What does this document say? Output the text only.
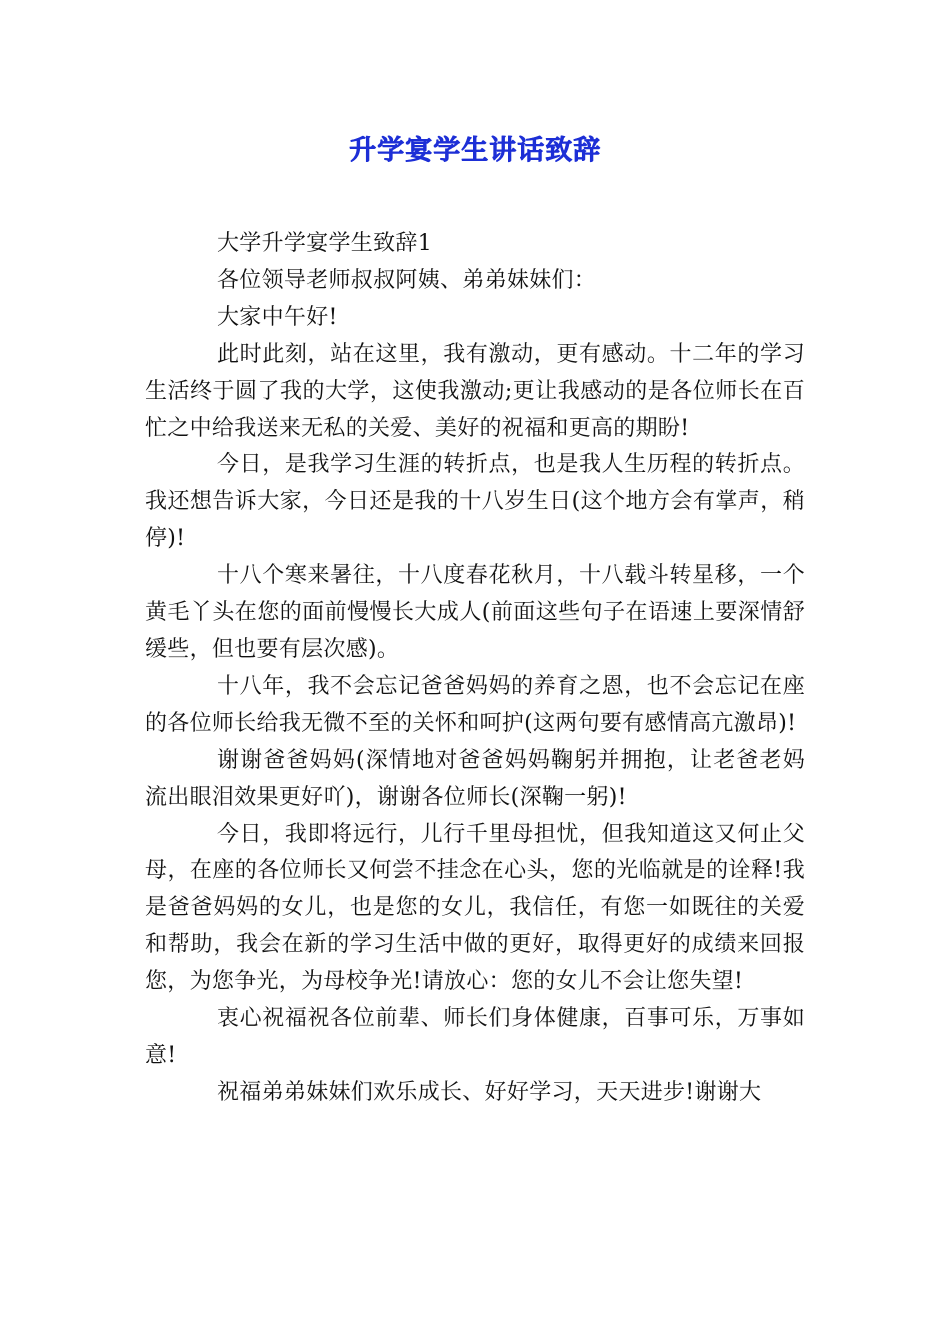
升学宴学生讲话致辞

大学升学宴学生致辞1

各位领导老师叔叔阿姨、弟弟妹妹们：

大家中午好!

此时此刻，站在这里，我有激动，更有感动。十二年的学习生活终于圆了我的大学，这使我激动;更让我感动的是各位师长在百忙之中给我送来无私的关爱、美好的祝福和更高的期盼!

今日，是我学习生涯的转折点，也是我人生历程的转折点。我还想告诉大家，今日还是我的十八岁生日(这个地方会有掌声，稍停)!

十八个寒来暑往，十八度春花秋月，十八载斗转星移，一个黄毛丫头在您的面前慢慢长大成人(前面这些句子在语速上要深情舒缓些，但也要有层次感)。

十八年，我不会忘记爸爸妈妈的养育之恩，也不会忘记在座的各位师长给我无微不至的关怀和呵护(这两句要有感情高亢激昂)!

谢谢爸爸妈妈(深情地对爸爸妈妈鞠躬并拥抱，让老爸老妈流出眼泪效果更好吖)，谢谢各位师长(深鞠一躬)!

今日，我即将远行，儿行千里母担忧，但我知道这又何止父母，在座的各位师长又何尝不挂念在心头，您的光临就是的诠释!我是爸爸妈妈的女儿，也是您的女儿，我信任，有您一如既往的关爱和帮助，我会在新的学习生活中做的更好，取得更好的成绩来回报您，为您争光，为母校争光!请放心：您的女儿不会让您失望!

衷心祝福祝各位前辈、师长们身体健康，百事可乐，万事如意!

祝福弟弟妹妹们欢乐成长、好好学习，天天进步!谢谢大
